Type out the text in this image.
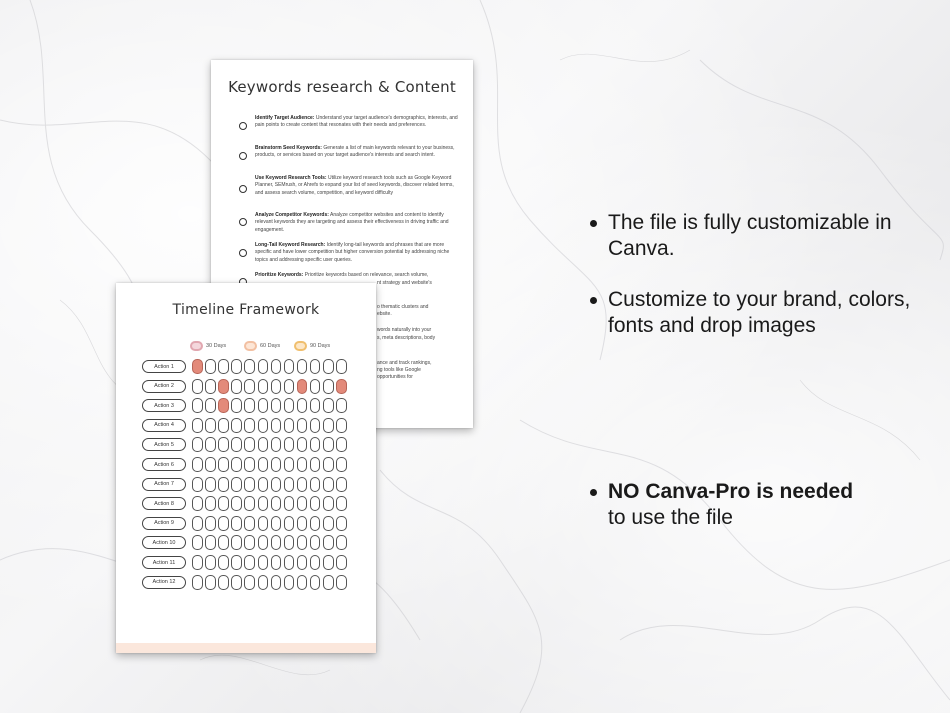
Keywords research & Content
Identify Target Audience: Understand your target audience's demographics, interests, and pain points to create content that resonates with their needs and preferences.
Brainstorm Seed Keywords: Generate a list of main keywords relevant to your business, products, or services based on your target audience's interests and search intent.
Use Keyword Research Tools: Utilize keyword research tools such as Google Keyword Planner, SEMrush, or Ahrefs to expand your list of seed keywords, discover related terms, and assess search volume, competition, and keyword difficulty
Analyze Competitor Keywords: Analyze competitor websites and content to identify relevant keywords they are targeting and assess their effectiveness in driving traffic and engagement.
Long-Tail Keyword Research: Identify long-tail keywords and phrases that are more specific and have lower competition but higher conversion potential by addressing niche topics and addressing specific user queries.
Prioritize Keywords: Prioritize keywords based on relevance, search volume,
nt strategy and website's
o thematic clusters and
ebsite.
words naturally into your
s, meta descriptions, body
ance and track rankings,
ng tools like Google
opportunities for
Timeline Framework
30 Days	60 Days	90 Days
Action 1
Action 2
Action 3
Action 4
Action 5
Action 6
Action 7
Action 8
Action 9
Action 10
Action 11
Action 12
The file is fully customizable in Canva.
Customize to your brand, colors, fonts and drop images
NO Canva-Pro is needed
to use the file
